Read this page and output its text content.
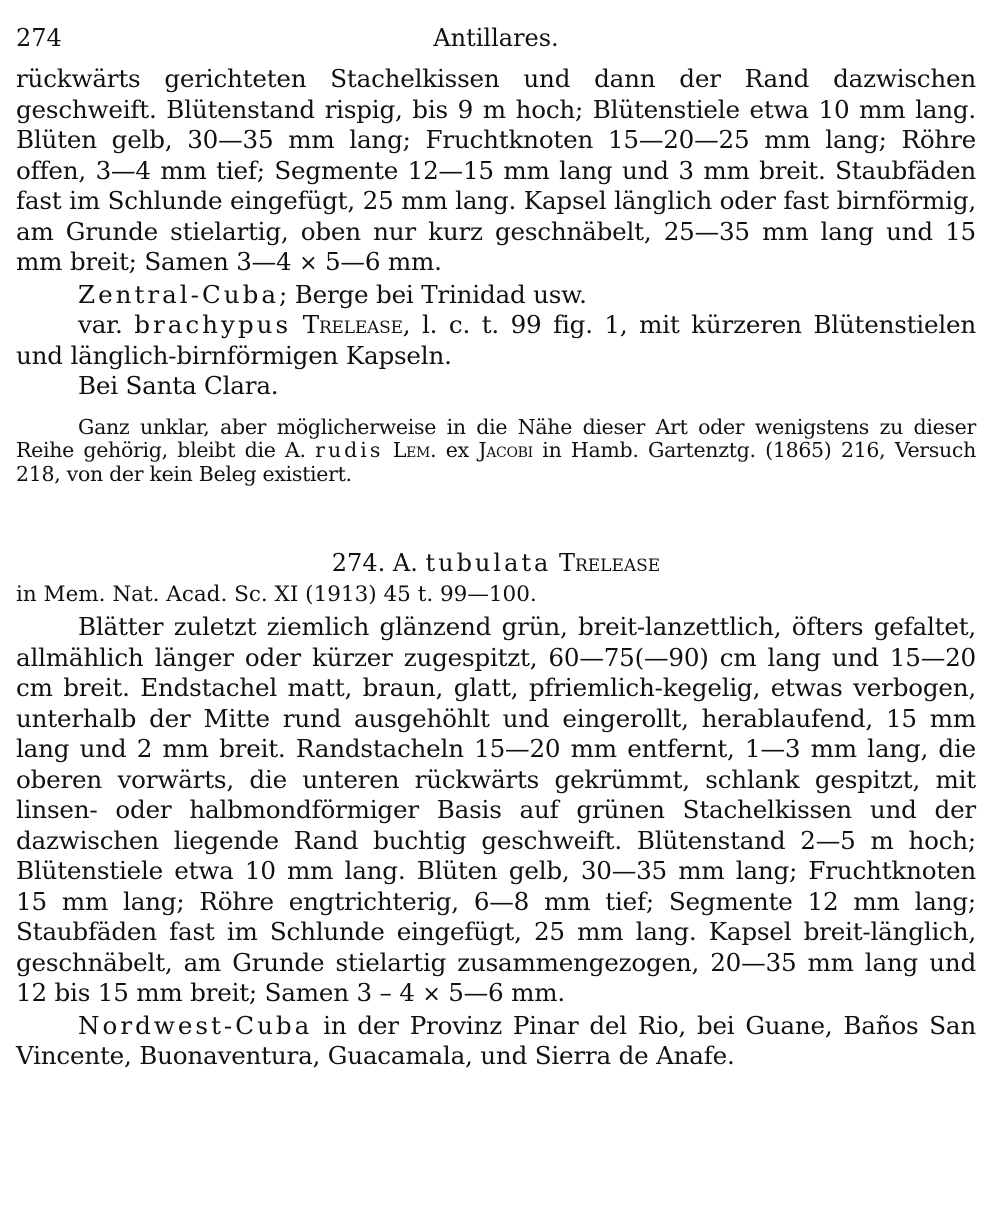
274	Antillares.

rückwärts gerichteten Stachelkissen und dann der Rand dazwischen geschweift. Blütenstand rispig, bis 9 m hoch; Blütenstiele etwa 10 mm lang. Blüten gelb, 30—35 mm lang; Fruchtknoten 15—20—25 mm lang; Röhre offen, 3—4 mm tief; Segmente 12—15 mm lang und 3 mm breit. Staubfäden fast im Schlunde eingefügt, 25 mm lang. Kapsel länglich oder fast birnförmig, am Grunde stielartig, oben nur kurz geschnäbelt, 25—35 mm lang und 15 mm breit; Samen 3—4 × 5—6 mm.

Zentral-Cuba; Berge bei Trinidad usw.

var. brachypus Trelease, l. c. t. 99 fig. 1, mit kürzeren Blütenstielen und länglich-birnförmigen Kapseln.

Bei Santa Clara.

Ganz unklar, aber möglicherweise in die Nähe dieser Art oder wenigstens zu dieser Reihe gehörig, bleibt die A. rudis Lem. ex Jacobi in Hamb. Gartenztg. (1865) 216, Versuch 218, von der kein Beleg existiert.

274. A. tubulata Trelease

in Mem. Nat. Acad. Sc. XI (1913) 45 t. 99—100.

Blätter zuletzt ziemlich glänzend grün, breit-lanzettlich, öfters gefaltet, allmählich länger oder kürzer zugespitzt, 60—75(—90) cm lang und 15—20 cm breit. Endstachel matt, braun, glatt, pfriemlich-kegelig, etwas verbogen, unterhalb der Mitte rund ausgehöhlt und eingerollt, herablaufend, 15 mm lang und 2 mm breit. Randstacheln 15—20 mm entfernt, 1—3 mm lang, die oberen vorwärts, die unteren rückwärts gekrümmt, schlank gespitzt, mit linsen- oder halbmondförmiger Basis auf grünen Stachelkissen und der dazwischen liegende Rand buchtig geschweift. Blütenstand 2—5 m hoch; Blütenstiele etwa 10 mm lang. Blüten gelb, 30—35 mm lang; Fruchtknoten 15 mm lang; Röhre engtrichterig, 6—8 mm tief; Segmente 12 mm lang; Staubfäden fast im Schlunde eingefügt, 25 mm lang. Kapsel breit-länglich, geschnäbelt, am Grunde stielartig zusammengezogen, 20—35 mm lang und 12 bis 15 mm breit; Samen 3 – 4 × 5—6 mm.

Nordwest-Cuba in der Provinz Pinar del Rio, bei Guane, Baños San Vincente, Buonaventura, Guacamala, und Sierra de Anafe.
